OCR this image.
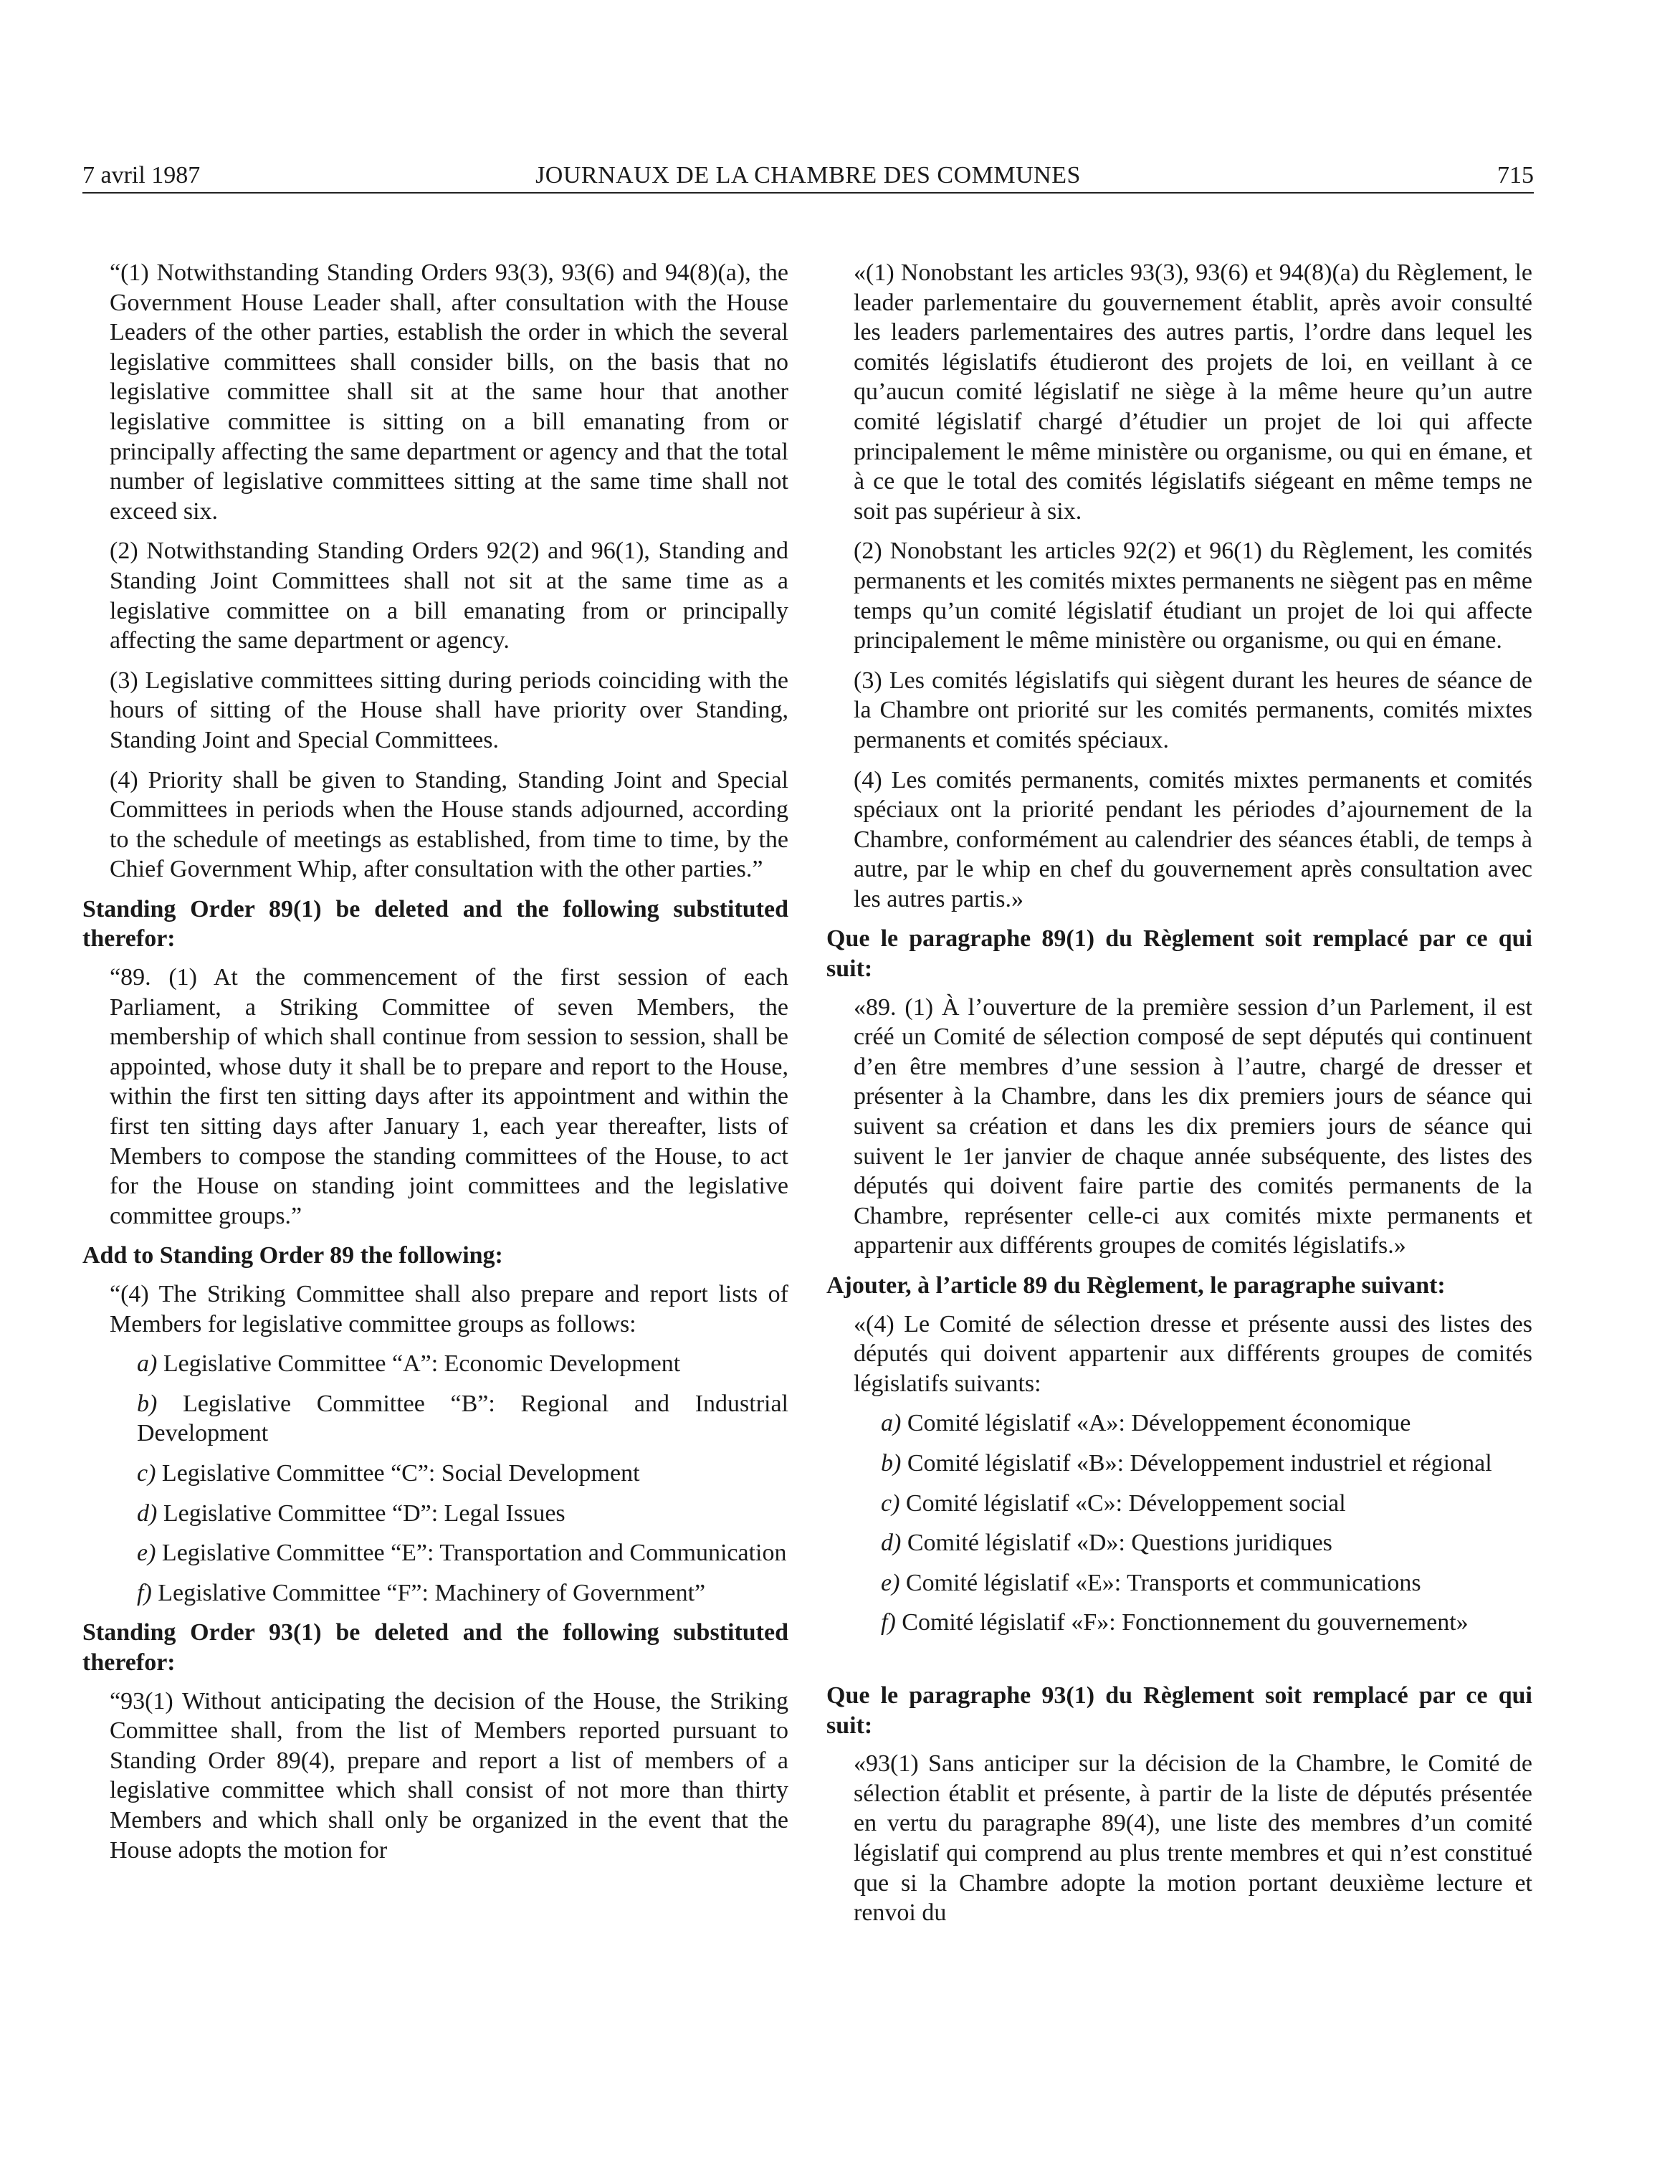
7 avril 1987	JOURNAUX DE LA CHAMBRE DES COMMUNES	715

“(1) Notwithstanding Standing Orders 93(3), 93(6) and 94(8)(a), the Government House Leader shall, after consultation with the House Leaders of the other parties, establish the order in which the several legislative committees shall consider bills, on the basis that no legislative committee shall sit at the same hour that another legislative committee is sitting on a bill emanating from or principally affecting the same department or agency and that the total number of legislative committees sitting at the same time shall not exceed six.

(2) Notwithstanding Standing Orders 92(2) and 96(1), Standing and Standing Joint Committees shall not sit at the same time as a legislative committee on a bill emanating from or principally affecting the same department or agency.

(3) Legislative committees sitting during periods coinciding with the hours of sitting of the House shall have priority over Standing, Standing Joint and Special Committees.

(4) Priority shall be given to Standing, Standing Joint and Special Committees in periods when the House stands adjourned, according to the schedule of meetings as established, from time to time, by the Chief Government Whip, after consultation with the other parties.”

Standing Order 89(1) be deleted and the following substituted therefor:

“89. (1) At the commencement of the first session of each Parliament, a Striking Committee of seven Members, the membership of which shall continue from session to session, shall be appointed, whose duty it shall be to prepare and report to the House, within the first ten sitting days after its appointment and within the first ten sitting days after January 1, each year thereafter, lists of Members to compose the standing committees of the House, to act for the House on standing joint committees and the legislative committee groups.”

Add to Standing Order 89 the following:

“(4) The Striking Committee shall also prepare and report lists of Members for legislative committee groups as follows:

a) Legislative Committee “A”: Economic Development
b) Legislative Committee “B”: Regional and Industrial Development
c) Legislative Committee “C”: Social Development
d) Legislative Committee “D”: Legal Issues
e) Legislative Committee “E”: Transportation and Communication
f) Legislative Committee “F”: Machinery of Government”

Standing Order 93(1) be deleted and the following substituted therefor:

“93(1) Without anticipating the decision of the House, the Striking Committee shall, from the list of Members reported pursuant to Standing Order 89(4), prepare and report a list of members of a legislative committee which shall consist of not more than thirty Members and which shall only be organized in the event that the House adopts the motion for

«(1) Nonobstant les articles 93(3), 93(6) et 94(8)(a) du Règlement, le leader parlementaire du gouvernement établit, après avoir consulté les leaders parlementaires des autres partis, l’ordre dans lequel les comités législatifs étudieront des projets de loi, en veillant à ce qu’aucun comité législatif ne siège à la même heure qu’un autre comité législatif chargé d’étudier un projet de loi qui affecte principalement le même ministère ou organisme, ou qui en émane, et à ce que le total des comités législatifs siégeant en même temps ne soit pas supérieur à six.

(2) Nonobstant les articles 92(2) et 96(1) du Règlement, les comités permanents et les comités mixtes permanents ne siègent pas en même temps qu’un comité législatif étudiant un projet de loi qui affecte principalement le même ministère ou organisme, ou qui en émane.

(3) Les comités législatifs qui siègent durant les heures de séance de la Chambre ont priorité sur les comités permanents, comités mixtes permanents et comités spéciaux.

(4) Les comités permanents, comités mixtes permanents et comités spéciaux ont la priorité pendant les périodes d’ajournement de la Chambre, conformément au calendrier des séances établi, de temps à autre, par le whip en chef du gouvernement après consultation avec les autres partis.»

Que le paragraphe 89(1) du Règlement soit remplacé par ce qui suit:

«89. (1) À l’ouverture de la première session d’un Parlement, il est créé un Comité de sélection composé de sept députés qui continuent d’en être membres d’une session à l’autre, chargé de dresser et présenter à la Chambre, dans les dix premiers jours de séance qui suivent sa création et dans les dix premiers jours de séance qui suivent le 1er janvier de chaque année subséquente, des listes des députés qui doivent faire partie des comités permanents de la Chambre, représenter celle-ci aux comités mixte permanents et appartenir aux différents groupes de comités législatifs.»

Ajouter, à l’article 89 du Règlement, le paragraphe suivant:

«(4) Le Comité de sélection dresse et présente aussi des listes des députés qui doivent appartenir aux différents groupes de comités législatifs suivants:

a) Comité législatif «A»: Développement économique
b) Comité législatif «B»: Développement industriel et régional
c) Comité législatif «C»: Développement social
d) Comité législatif «D»: Questions juridiques
e) Comité législatif «E»: Transports et communications
f) Comité législatif «F»: Fonctionnement du gouvernement»

Que le paragraphe 93(1) du Règlement soit remplacé par ce qui suit:

«93(1) Sans anticiper sur la décision de la Chambre, le Comité de sélection établit et présente, à partir de la liste de députés présentée en vertu du paragraphe 89(4), une liste des membres d’un comité législatif qui comprend au plus trente membres et qui n’est constitué que si la Chambre adopte la motion portant deuxième lecture et renvoi du
